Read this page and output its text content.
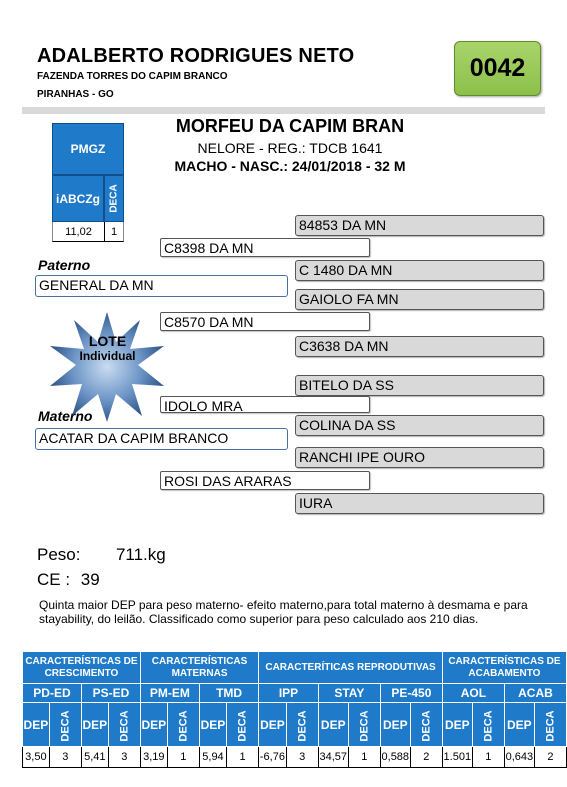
ADALBERTO RODRIGUES NETO
FAZENDA TORRES DO CAPIM BRANCO
PIRANHAS - GO
0042
PMGZ
iABCZg DECA
11,02	1
MORFEU DA CAPIM BRAN
NELORE - REG.: TDCB 1641
MACHO - NASC.: 24/01/2018 - 32 M
84853 DA MN
C 1480 DA MN
GAIOLO FA MN
C3638 DA MN
BITELO DA SS
COLINA DA SS
RANCHI IPE OURO
IURA
C8398 DA MN
C8570 DA MN
IDOLO MRA
ROSI DAS ARARAS
Paterno
GENERAL DA MN
Materno
ACATAR DA CAPIM BRANCO
LOTE
Individual
Peso: 711.kg
CE : 39
Quinta maior DEP para peso materno- efeito materno,para total materno à desmama e para stayability, do leilão. Classificado como superior para peso calculado aos 210 dias.
CARACTERÍSTICAS DE CRESCIMENTO				CARACTERÍSTICAS MATERNAS				CARACTERÍTICAS REPRODUTIVAS						CARACTERÍSTICAS DE ACABAMENTO			
PD-ED		PS-ED		PM-EM		TMD		IPP		STAY		PE-450		AOL		ACAB	
DEP	DECA	DEP	DECA	DEP	DECA	DEP	DECA	DEP	DECA	DEP	DECA	DEP	DECA	DEP	DECA	DEP	DECA
3,50	3	5,41	3	3,19	1	5,94	1	-6,76	3	34,57	1	0,588	2	1.501	1	0,643	2
